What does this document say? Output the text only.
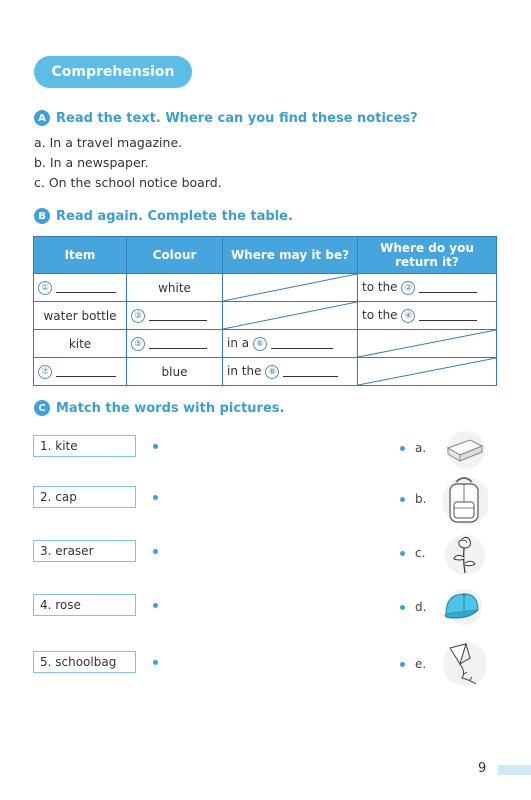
Comprehension
A Read the text. Where can you find these notices?
a. In a travel magazine.
b. In a newspaper.
c. On the school notice board.
B Read again. Complete the table.
Item	Colour	Where may it be?	Where do you return it?
①	white		to the ②
water bottle	③		to the ④
kite	⑤	in a ⑥	

⑦	blue	in the ⑧	
C Match the words with pictures.
1. kite
2. cap
3. eraser
4. rose
5. schoolbag
a.
b.
c.
d.
e.
9
